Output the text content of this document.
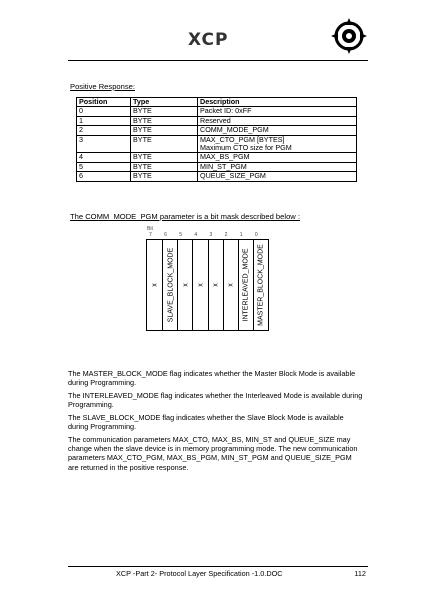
XCP
Positive Response:
Position	Type	Description
0	BYTE	Packet ID: 0xFF

1	BYTE	Reserved

2	BYTE	COMM_MODE_PGM

3	BYTE	MAX_CTO_PGM [BYTES]
Maximum CTO size for PGM

4	BYTE	MAX_BS_PGM

5	BYTE	MIN_ST_PGM

6	BYTE	QUEUE_SIZE_PGM
The COMM_MODE_PGM parameter is a bit mask described below :
Bit
7 6 5 4 3 2 1 0
x SLAVE_BLOCK_MODE x x x x INTERLEAVED_MODE MASTER_BLOCK_MODE
The MASTER_BLOCK_MODE flag indicates whether the Master Block Mode is available during Programming.
The INTERLEAVED_MODE flag indicates whether the Interleaved Mode is available during Programming.
The SLAVE_BLOCK_MODE flag indicates whether the Slave Block Mode is available during Programming.
The communication parameters MAX_CTO, MAX_BS, MIN_ST and QUEUE_SIZE may change when the slave device is in memory programming mode. The new communication parameters MAX_CTO_PGM, MAX_BS_PGM, MIN_ST_PGM and QUEUE_SIZE_PGM are returned in the positive response.
XCP -Part 2- Protocol Layer Specification -1.0.DOC	112
